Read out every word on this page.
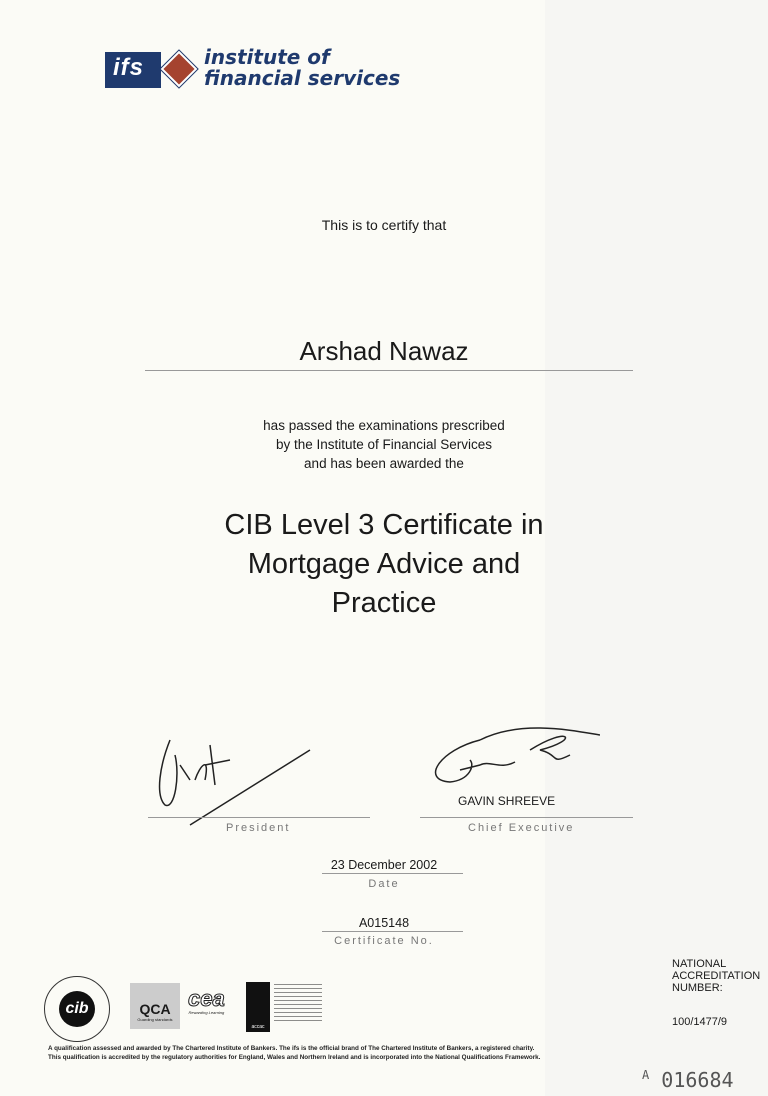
ifs	institute of
financial services
This is to certify that
Arshad Nawaz
has passed the examinations prescribed
by the Institute of Financial Services
and has been awarded the
CIB Level 3 Certificate in
Mortgage Advice and
Practice
President
GAVIN SHREEVE
Chief Executive
23 December 2002
Date
A015148
Certificate No.
cib	QCA
Guarding standards
cea
Rewarding Learning
accac
NATIONAL
ACCREDITATION
NUMBER:
100/1477/9
A qualification assessed and awarded by The Chartered Institute of Bankers. The ifs is the official brand of The Chartered Institute of Bankers, a registered charity.
This qualification is accredited by the regulatory authorities for England, Wales and Northern Ireland and is incorporated into the National Qualifications Framework.
$^A$ 016684
